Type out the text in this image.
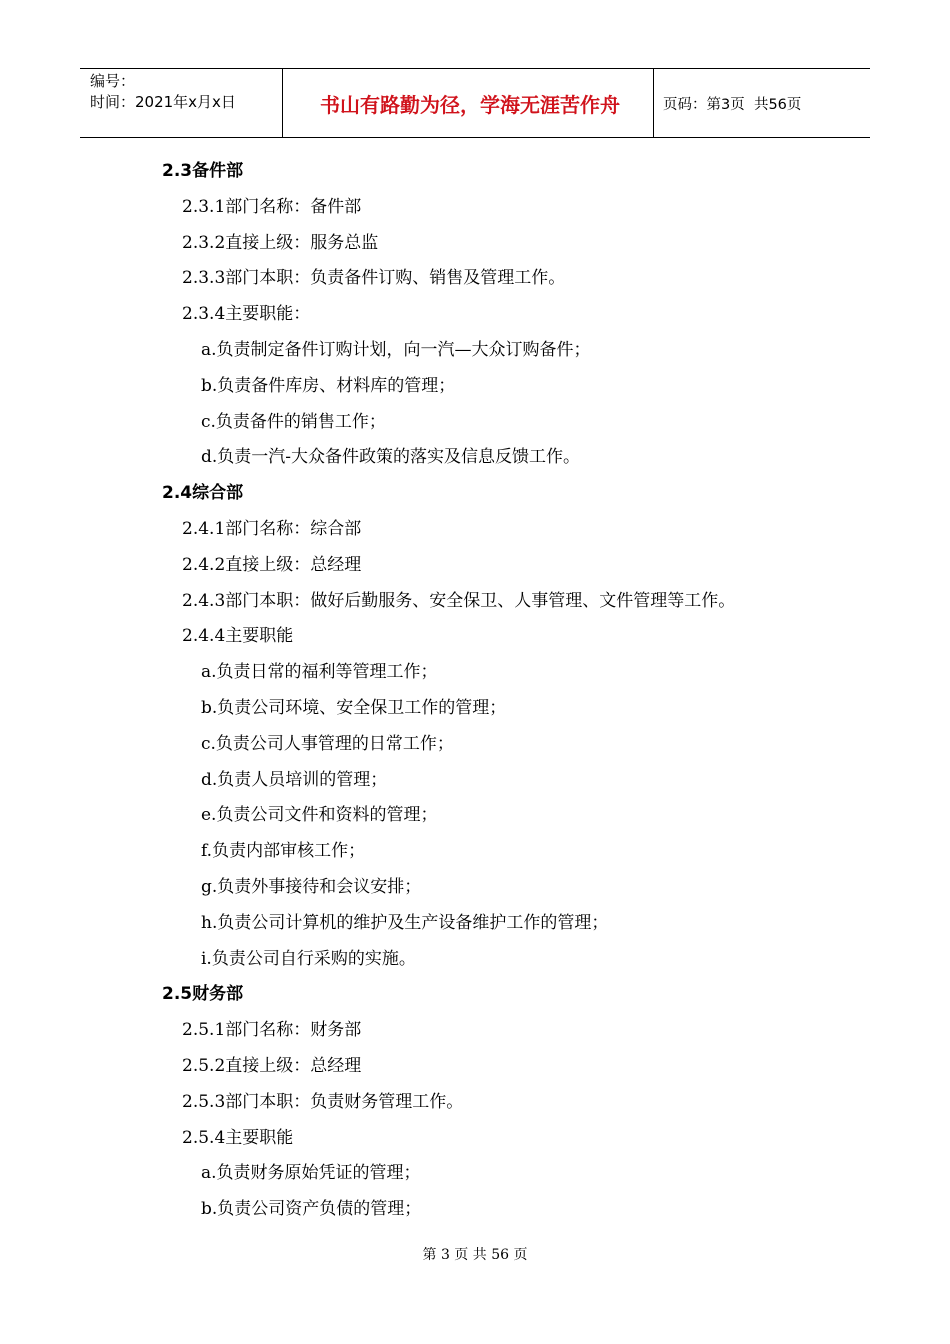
编号：
时间：2021年x月x日	书山有路勤为径，学海无涯苦作舟	页码：第3页  共56页
2.3备件部
2.3.1部门名称：备件部
2.3.2直接上级：服务总监
2.3.3部门本职：负责备件订购、销售及管理工作。
2.3.4主要职能：
a.负责制定备件订购计划，向一汽—大众订购备件；
b.负责备件库房、材料库的管理；
c.负责备件的销售工作；
d.负责一汽-大众备件政策的落实及信息反馈工作。
2.4综合部
2.4.1部门名称：综合部
2.4.2直接上级：总经理
2.4.3部门本职：做好后勤服务、安全保卫、人事管理、文件管理等工作。
2.4.4主要职能
a.负责日常的福利等管理工作；
b.负责公司环境、安全保卫工作的管理；
c.负责公司人事管理的日常工作；
d.负责人员培训的管理；
e.负责公司文件和资料的管理；
f.负责内部审核工作；
g.负责外事接待和会议安排；
h.负责公司计算机的维护及生产设备维护工作的管理；
i.负责公司自行采购的实施。
2.5财务部
2.5.1部门名称：财务部
2.5.2直接上级：总经理
2.5.3部门本职：负责财务管理工作。
2.5.4主要职能
a.负责财务原始凭证的管理；
b.负责公司资产负债的管理；
第 3 页 共 56 页
